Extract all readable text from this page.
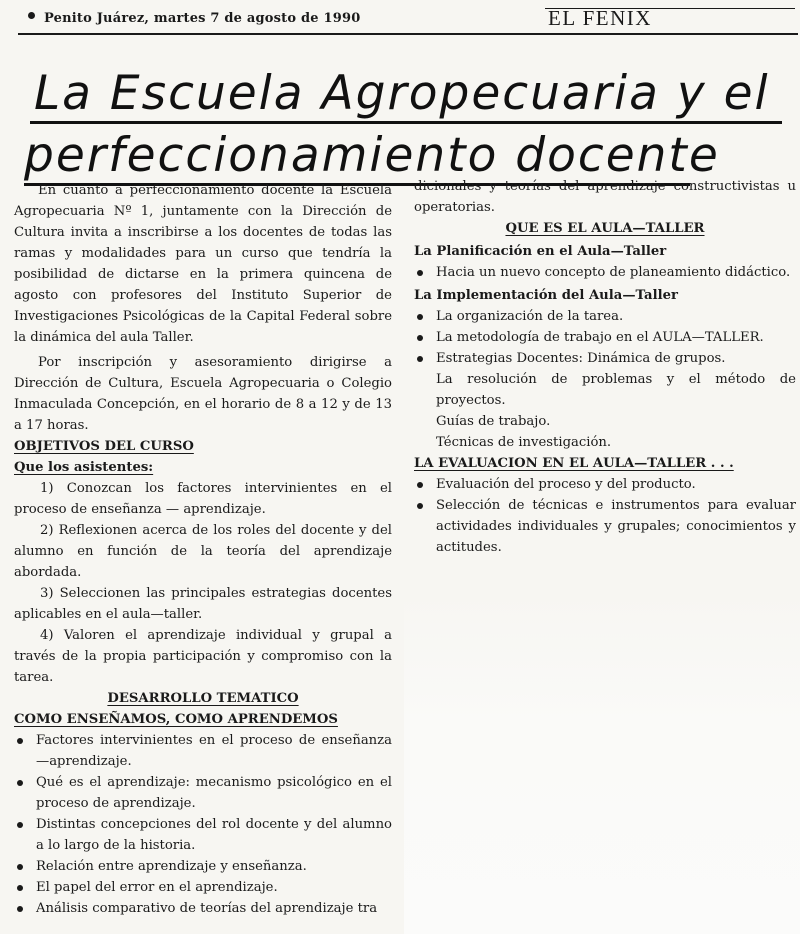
Penito Juárez, martes 7 de agosto de 1990	EL FENIX
La Escuela Agropecuaria y el
perfeccionamiento docente

En cuanto a perfeccionamiento docente la Escuela Agropecuaria Nº 1, juntamente con la Dirección de Cultura invita a inscribirse a los docentes de todas las ramas y modalidades para un curso que tendría la posibilidad de dictarse en la primera quincena de agosto con profesores del Instituto Superior de Investigaciones Psicológicas de la Capital Federal sobre la dinámica del aula Taller.

Por inscripción y asesoramiento dirigirse a Dirección de Cultura, Escuela Agropecuaria o Colegio Inmaculada Concepción, en el horario de 8 a 12 y de 13 a 17 horas.

OBJETIVOS DEL CURSO

Que los asistentes:

1) Conozcan los factores intervinientes en el proceso de enseñanza — aprendizaje.

2) Reflexionen acerca de los roles del docente y del alumno en función de la teoría del aprendizaje abordada.

3) Seleccionen las principales estrategias docentes aplicables en el aula—taller.

4) Valoren el aprendizaje individual y grupal a través de la propia participación y compromiso con la tarea.

DESARROLLO TEMATICO

COMO ENSEÑAMOS, COMO APRENDEMOS

Factores intervinientes en el proceso de enseñanza—aprendizaje.

Qué es el aprendizaje: mecanismo psicológico en el proceso de aprendizaje.

Distintas concepciones del rol docente y del alumno a lo largo de la historia.

Relación entre aprendizaje y enseñanza.

El papel del error en el aprendizaje.

Análisis comparativo de teorías del aprendizaje tra

dicionales y teorías del aprendizaje constructivistas u operatorias.

QUE ES EL AULA—TALLER

La Planificación en el Aula—Taller

Hacia un nuevo concepto de planeamiento didáctico.

La Implementación del Aula—Taller

La organización de la tarea.

La metodología de trabajo en el AULA—TALLER.

Estrategias Docentes: Dinámica de grupos.

La resolución de problemas y el método de proyectos.

Guías de trabajo.

Técnicas de investigación.

LA EVALUACION EN EL AULA—TALLER . . .

Evaluación del proceso y del producto.

Selección de técnicas e instrumentos para evaluar actividades individuales y grupales; conocimientos y actitudes.
